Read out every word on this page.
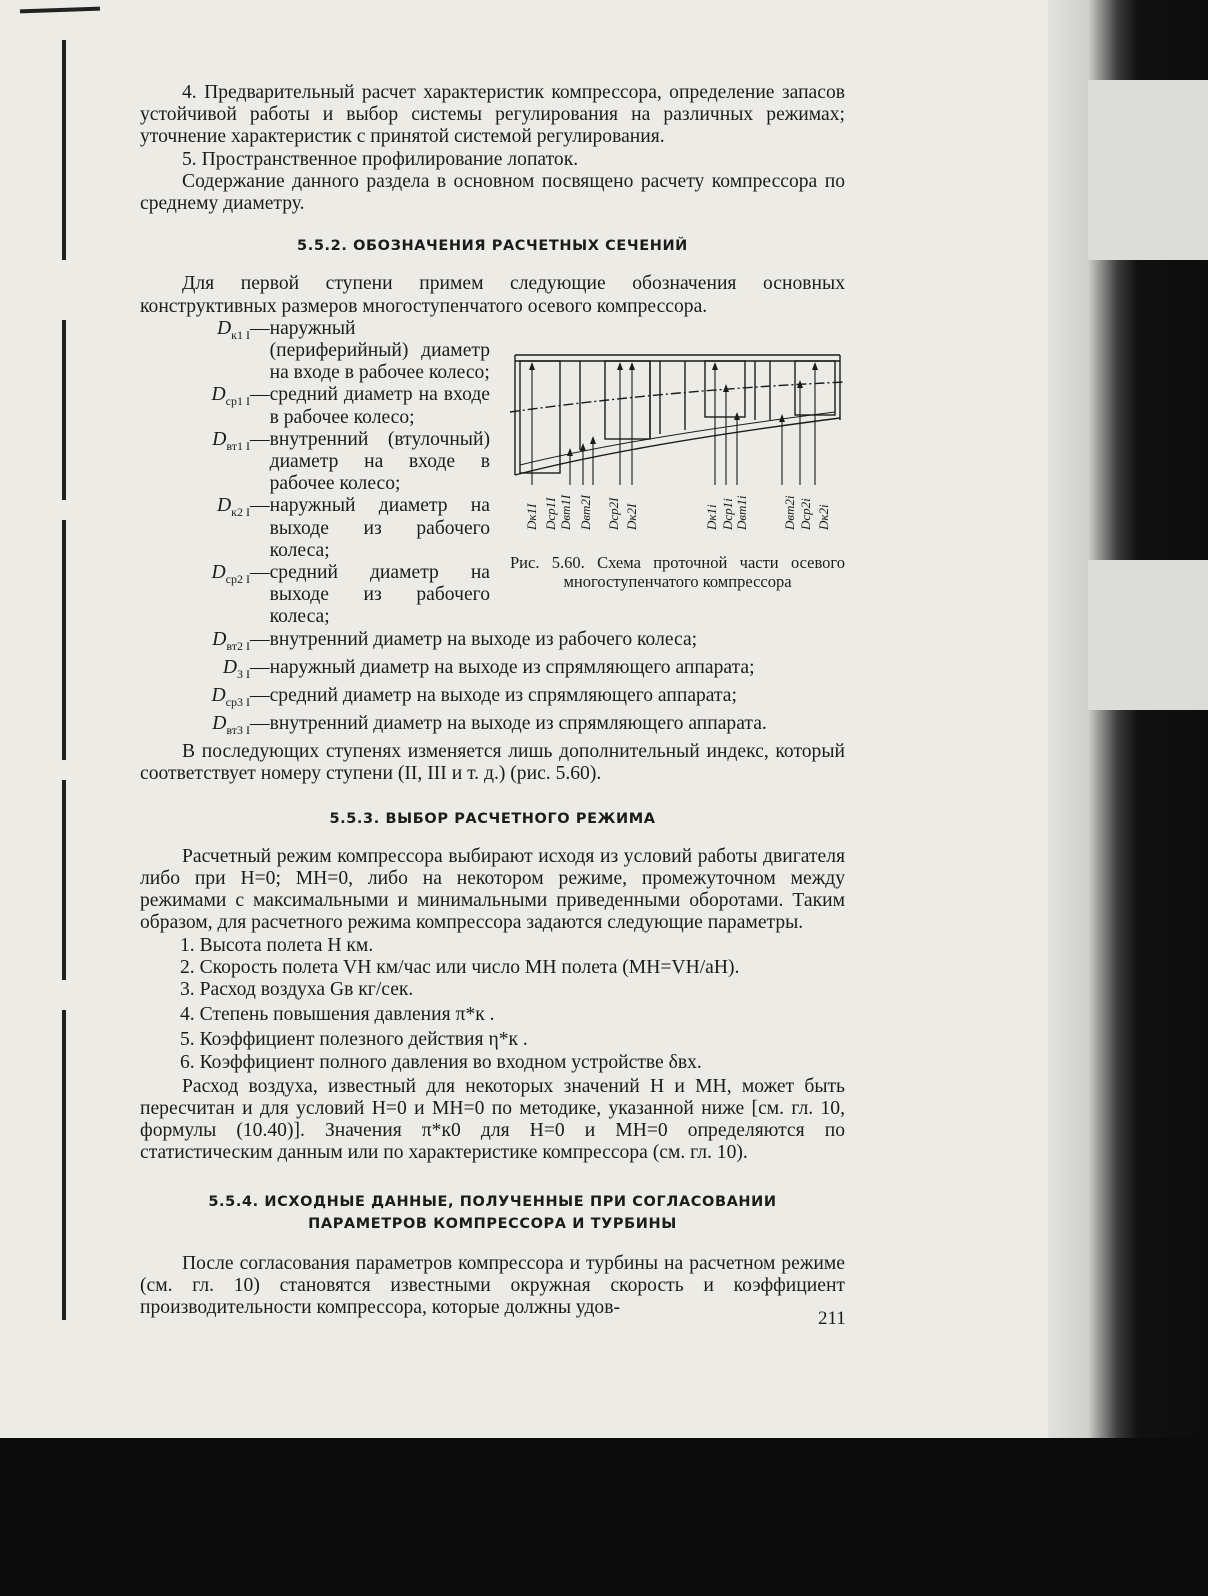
4. Предварительный расчет характеристик компрессора, определение запасов устойчивой работы и выбор системы регулирования на различных режимах; уточнение характеристик с принятой системой регулирования.

5. Пространственное профилирование лопаток.

Содержание данного раздела в основном посвящено расчету компрессора по среднему диаметру.

5.5.2. ОБОЗНАЧЕНИЯ РАСЧЕТНЫХ СЕЧЕНИЙ

Для первой ступени примем следующие обозначения основных конструктивных размеров многоступенчатого осевого компрессора.

$D_{к1 I}$ — наружный (периферийный) диаметр на входе в рабочее колесо;
$D_{ср1 I}$ — средний диаметр на входе в рабочее колесо;
$D_{вт1 I}$ — внутренний (втулочный) диаметр на входе в рабочее колесо;
$D_{к2 I}$ — наружный диаметр на выходе из рабочего колеса;
$D_{ср2 I}$ — средний диаметр на выходе из рабочего колеса;
$D_{вт2 I}$ — внутренний диаметр на выходе из рабочего колеса;
$D_{3 I}$ — наружный диаметр на выходе из спрямляющего аппарата;
$D_{ср3 I}$ — средний диаметр на выходе из спрямляющего аппарата;
$D_{вт3 I}$ — внутренний диаметр на выходе из спрямляющего аппарата.

В последующих ступенях изменяется лишь дополнительный индекс, который соответствует номеру ступени (II, III и т. д.) (рис. 5.60).

5.5.3. ВЫБОР РАСЧЕТНОГО РЕЖИМА

Расчетный режим компрессора выбирают исходя из условий работы двигателя либо при H=0; MH=0, либо на некотором режиме, промежуточном между режимами с максимальными и минимальными приведенными оборотами. Таким образом, для расчетного режима компрессора задаются следующие параметры.

1. Высота полета H км.

2. Скорость полета VH км/час или число MH полета (MH=VH/aH).

3. Расход воздуха Gв кг/сек.

4. Степень повышения давления π*к .

5. Коэффициент полезного действия η*к .

6. Коэффициент полного давления во входном устройстве δвх.

Расход воздуха, известный для некоторых значений H и MH, может быть пересчитан и для условий H=0 и MH=0 по методике, указанной ниже [см. гл. 10, формулы (10.40)]. Значения π*к0 для H=0 и MH=0 определяются по статистическим данным или по характеристике компрессора (см. гл. 10).

5.5.4. ИСХОДНЫЕ ДАННЫЕ, ПОЛУЧЕННЫЕ ПРИ СОГЛАСОВАНИИ

ПАРАМЕТРОВ КОМПРЕССОРА И ТУРБИНЫ

После согласования параметров компрессора и турбины на расчетном режиме (см. гл. 10) становятся известными окружная скорость и коэффициент производительности компрессора, которые должны удов-

Dк1I Dср1I Dвт1I Dвт2I Dср2I Dк2I	Dк1i Dср1i Dвт1i	Dвт2i Dср2i Dк2i

Рис. 5.60. Схема проточной части осевого многоступенчатого компрессора

211
